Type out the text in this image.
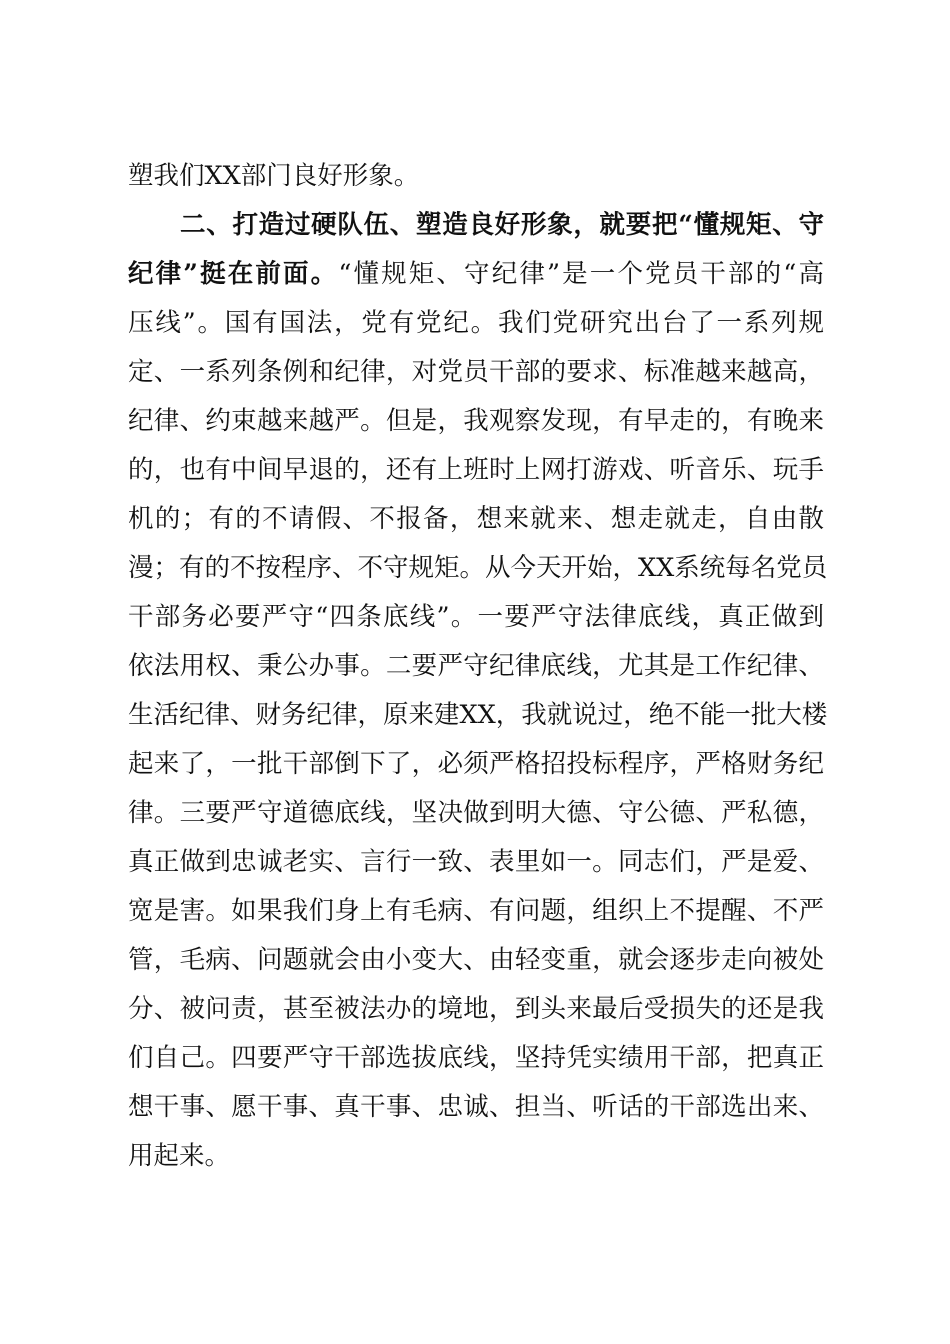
塑我们XX部门良好形象。
二、打造过硬队伍、塑造良好形象，就要把“懂规矩、守
纪律”挺在前面。“懂规矩、守纪律”是一个党员干部的“高
压线”。国有国法，党有党纪。我们党研究出台了一系列规
定、一系列条例和纪律，对党员干部的要求、标准越来越高，
纪律、约束越来越严。但是，我观察发现，有早走的，有晚来
的，也有中间早退的，还有上班时上网打游戏、听音乐、玩手
机的；有的不请假、不报备，想来就来、想走就走，自由散
漫；有的不按程序、不守规矩。从今天开始，XX系统每名党员
干部务必要严守“四条底线”。一要严守法律底线，真正做到
依法用权、秉公办事。二要严守纪律底线，尤其是工作纪律、
生活纪律、财务纪律，原来建XX，我就说过，绝不能一批大楼
起来了，一批干部倒下了，必须严格招投标程序，严格财务纪
律。三要严守道德底线，坚决做到明大德、守公德、严私德，
真正做到忠诚老实、言行一致、表里如一。同志们，严是爱、
宽是害。如果我们身上有毛病、有问题，组织上不提醒、不严
管，毛病、问题就会由小变大、由轻变重，就会逐步走向被处
分、被问责，甚至被法办的境地，到头来最后受损失的还是我
们自己。四要严守干部选拔底线，坚持凭实绩用干部，把真正
想干事、愿干事、真干事、忠诚、担当、听话的干部选出来、
用起来。
